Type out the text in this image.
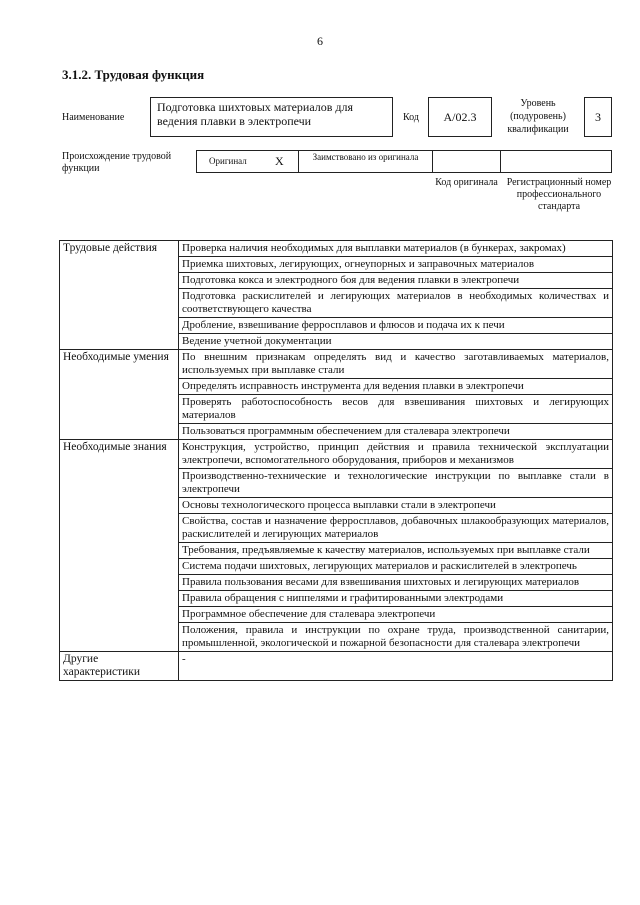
6
3.1.2. Трудовая функция
Наименование
Подготовка шихтовых материалов для ведения плавки в электропечи	Код	А/02.3
Уровень (подуровень) квалификации
3
Происхождение трудовой функции
Оригинал X	Заимствовано из оригинала
Код оригинала Регистрационный номер профессионального стандарта
Трудовые действия	Проверка наличия необходимых для выплавки материалов (в бункерах, закромах)
	Приемка шихтовых, легирующих, огнеупорных и заправочных материалов
	Подготовка кокса и электродного боя для ведения плавки в электропечи
	Подготовка раскислителей и легирующих материалов в необходимых количествах и соответствующего качества
	Дробление, взвешивание ферросплавов и флюсов и подача их к печи
	Ведение учетной документации
Необходимые умения	По внешним признакам определять вид и качество заготавливаемых материалов, используемых при выплавке стали
	Определять исправность инструмента для ведения плавки в электропечи
	Проверять работоспособность весов для взвешивания шихтовых и легирующих материалов
	Пользоваться программным обеспечением для сталевара электропечи
Необходимые знания	Конструкция, устройство, принцип действия и правила технической эксплуатации электропечи, вспомогательного оборудования, приборов и механизмов
	Производственно-технические и технологические инструкции по выплавке стали в электропечи
	Основы технологического процесса выплавки стали в электропечи
	Свойства, состав и назначение ферросплавов, добавочных шлакообразующих материалов, раскислителей и легирующих материалов
	Требования, предъявляемые к качеству материалов, используемых при выплавке стали
	Система подачи шихтовых, легирующих материалов и раскислителей в электропечь
	Правила пользования весами для взвешивания шихтовых и легирующих материалов
	Правила обращения с ниппелями и графитированными электродами
	Программное обеспечение для сталевара электропечи
	Положения, правила и инструкции по охране труда, производственной санитарии, промышленной, экологической и пожарной безопасности для сталевара электропечи
Другие характеристики	-
